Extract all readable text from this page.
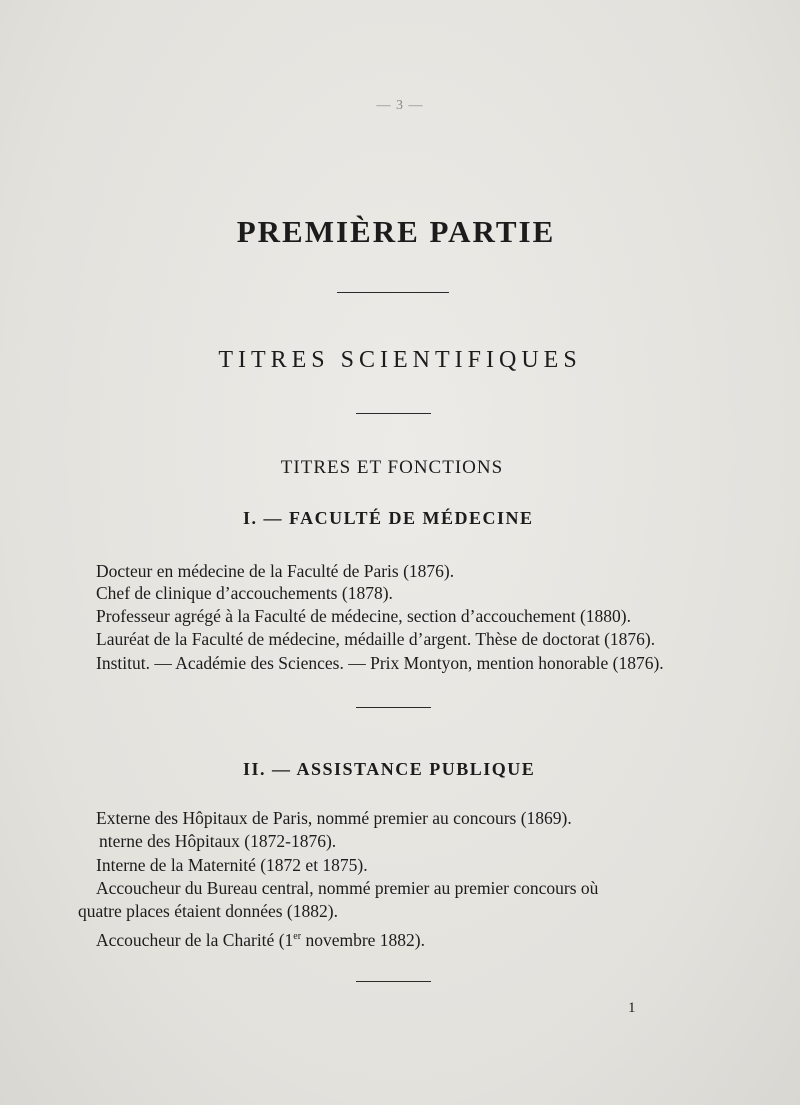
— 3 —
PREMIÈRE PARTIE
TITRES SCIENTIFIQUES
TITRES ET FONCTIONS
I. — FACULTÉ DE MÉDECINE
Docteur en médecine de la Faculté de Paris (1876).
Chef de clinique d’accouchements (1878).
Professeur agrégé à la Faculté de médecine, section d’accouchement (1880).
Lauréat de la Faculté de médecine, médaille d’argent. Thèse de doctorat (1876).
Institut. — Académie des Sciences. — Prix Montyon, mention honorable (1876).
II. — ASSISTANCE PUBLIQUE
Externe des Hôpitaux de Paris, nommé premier au concours (1869).
nterne des Hôpitaux (1872-1876).
Interne de la Maternité (1872 et 1875).
Accoucheur du Bureau central, nommé premier au premier concours où
quatre places étaient données (1882).
Accoucheur de la Charité (1er novembre 1882).
1
